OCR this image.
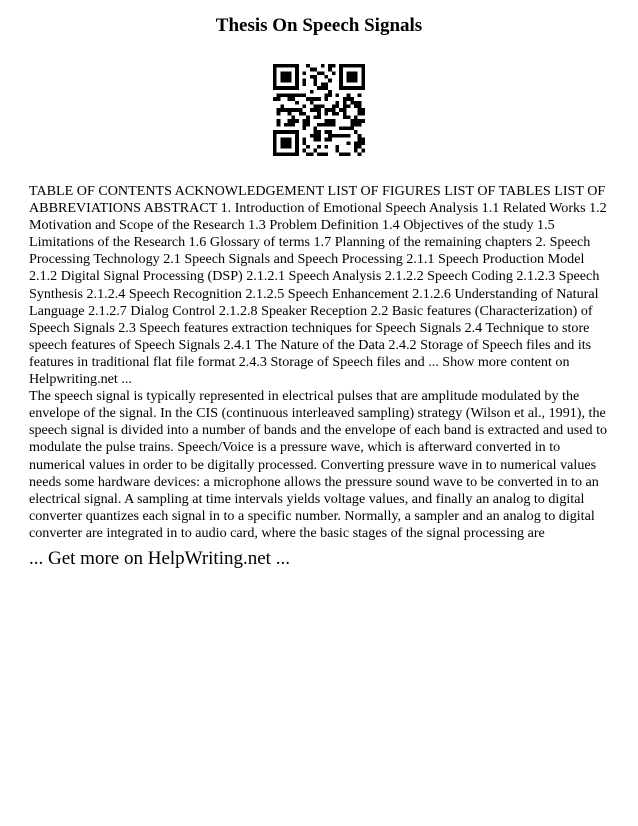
Thesis On Speech Signals

TABLE OF CONTENTS ACKNOWLEDGEMENT LIST OF FIGURES LIST OF TABLES LIST OF ABBREVIATIONS ABSTRACT 1. Introduction of Emotional Speech Analysis 1.1 Related Works 1.2 Motivation and Scope of the Research 1.3 Problem Definition 1.4 Objectives of the study 1.5 Limitations of the Research 1.6 Glossary of terms 1.7 Planning of the remaining chapters 2. Speech Processing Technology 2.1 Speech Signals and Speech Processing 2.1.1 Speech Production Model 2.1.2 Digital Signal Processing (DSP) 2.1.2.1 Speech Analysis 2.1.2.2 Speech Coding 2.1.2.3 Speech Synthesis 2.1.2.4 Speech Recognition 2.1.2.5 Speech Enhancement 2.1.2.6 Understanding of Natural Language 2.1.2.7 Dialog Control 2.1.2.8 Speaker Reception 2.2 Basic features (Characterization) of Speech Signals 2.3 Speech features extraction techniques for Speech Signals 2.4 Technique to store speech features of Speech Signals 2.4.1 The Nature of the Data 2.4.2 Storage of Speech files and its features in traditional flat file format 2.4.3 Storage of Speech files and ... Show more content on Helpwriting.net ...

The speech signal is typically represented in electrical pulses that are amplitude modulated by the envelope of the signal. In the CIS (continuous interleaved sampling) strategy (Wilson et al., 1991), the speech signal is divided into a number of bands and the envelope of each band is extracted and used to modulate the pulse trains. Speech/Voice is a pressure wave, which is afterward converted in to numerical values in order to be digitally processed. Converting pressure wave in to numerical values needs some hardware devices: a microphone allows the pressure sound wave to be converted in to an electrical signal. A sampling at time intervals yields voltage values, and finally an analog to digital converter quantizes each signal in to a specific number. Normally, a sampler and an analog to digital converter are integrated in to audio card, where the basic stages of the signal processing are

... Get more on HelpWriting.net ...
